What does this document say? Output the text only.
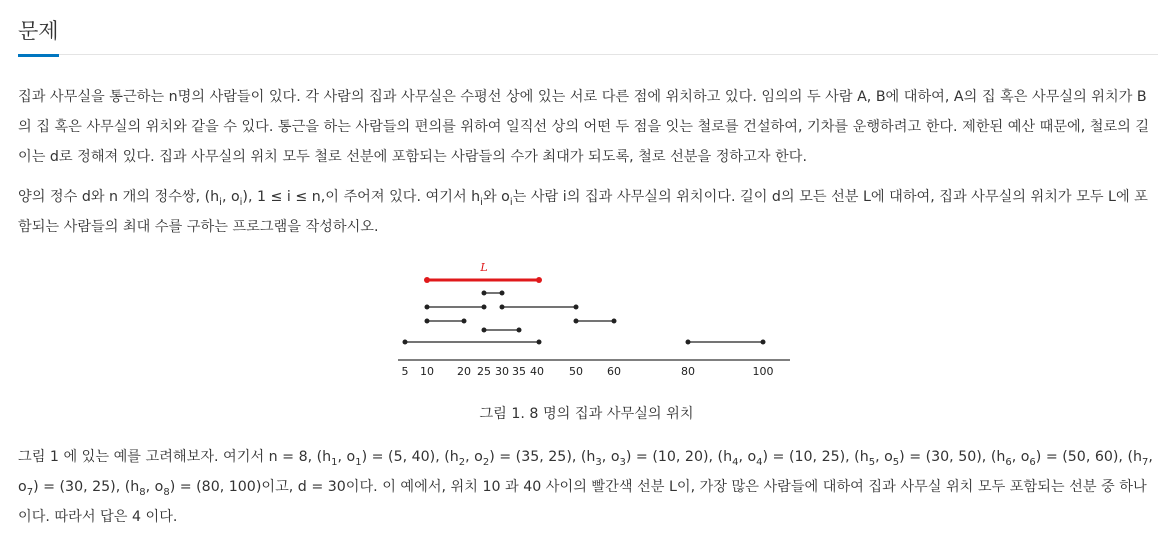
문제

집과 사무실을 통근하는 n명의 사람들이 있다. 각 사람의 집과 사무실은 수평선 상에 있는 서로 다른 점에 위치하고 있다. 임의의 두 사람 A, B에 대하여, A의 집 혹은 사무실의 위치가 B의 집 혹은 사무실의 위치와 같을 수 있다. 통근을 하는 사람들의 편의를 위하여 일직선 상의 어떤 두 점을 잇는 철로를 건설하여, 기차를 운행하려고 한다. 제한된 예산 때문에, 철로의 길이는 d로 정해져 있다. 집과 사무실의 위치 모두 철로 선분에 포함되는 사람들의 수가 최대가 되도록, 철로 선분을 정하고자 한다.

양의 정수 d와 n 개의 정수쌍, ($h_i$, $o_i$), 1 ≤ i ≤ n,이 주어져 있다. 여기서 $h_i$와 $o_i$는 사람 i의 집과 사무실의 위치이다. 길이 d의 모든 선분 L에 대하여, 집과 사무실의 위치가 모두 L에 포함되는 사람들의 최대 수를 구하는 프로그램을 작성하시오.

L
5 10 20 25 30 35 40 50 60	80	100
그림 1. 8 명의 집과 사무실의 위치

그림 1 에 있는 예를 고려해보자. 여기서 n = 8, ($h_1$, $o_1) = (5$, 40), ($h_2$, $o_2) = (35$, 25), ($h_3$, $o_3) = (10$, 20), ($h_4$, $o_4) = (10$, 25), ($h_5$, $o_5) = (30$, 50), ($h_6$, $o_6) = (50$, 60), ($h_7$, $o_7) = (30$, 25), ($h_8$, $o_8) = (80$, 100)이고, d = 30이다. 이 예에서, 위치 10 과 40 사이의 빨간색 선분 L이, 가장 많은 사람들에 대하여 집과 사무실 위치 모두 포함되는 선분 중 하나이다. 따라서 답은 4 이다.
